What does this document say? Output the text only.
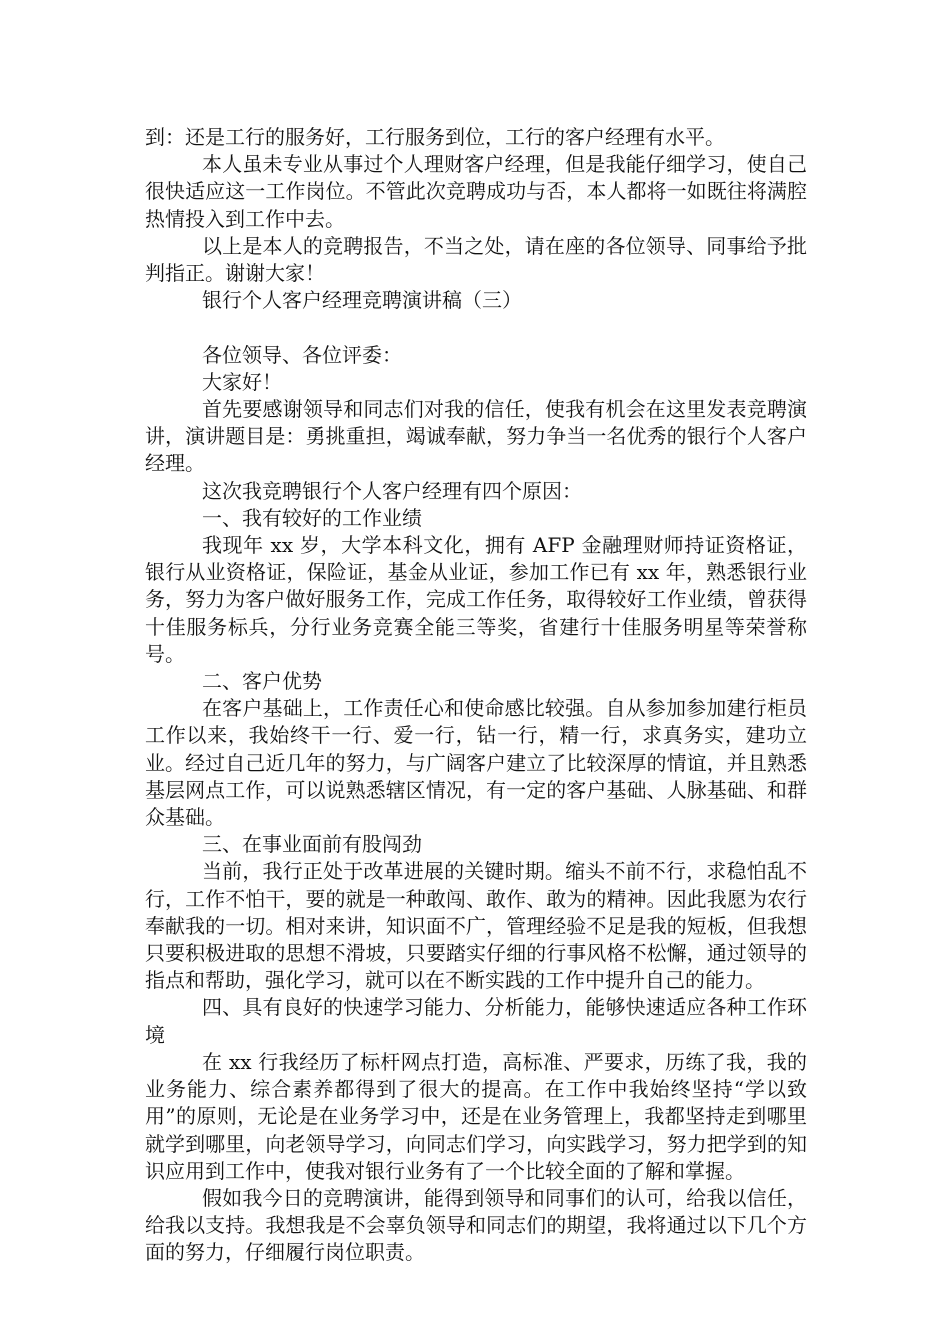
到：还是工行的服务好，工行服务到位，工行的客户经理有水平。

本人虽未专业从事过个人理财客户经理，但是我能仔细学习，使自己很快适应这一工作岗位。不管此次竞聘成功与否，本人都将一如既往将满腔热情投入到工作中去。

以上是本人的竞聘报告，不当之处，请在座的各位领导、同事给予批判指正。谢谢大家！

银行个人客户经理竞聘演讲稿（三）

各位领导、各位评委：

大家好！

首先要感谢领导和同志们对我的信任，使我有机会在这里发表竞聘演讲，演讲题目是：勇挑重担，竭诚奉献，努力争当一名优秀的银行个人客户经理。

这次我竞聘银行个人客户经理有四个原因：

一、我有较好的工作业绩

我现年 xx 岁，大学本科文化，拥有 AFP 金融理财师持证资格证，银行从业资格证，保险证，基金从业证，参加工作已有 xx 年，熟悉银行业务，努力为客户做好服务工作，完成工作任务，取得较好工作业绩，曾获得十佳服务标兵，分行业务竞赛全能三等奖，省建行十佳服务明星等荣誉称号。

二、客户优势

在客户基础上，工作责任心和使命感比较强。自从参加参加建行柜员工作以来，我始终干一行、爱一行，钻一行，精一行，求真务实，建功立业。经过自己近几年的努力，与广阔客户建立了比较深厚的情谊，并且熟悉基层网点工作，可以说熟悉辖区情况，有一定的客户基础、人脉基础、和群众基础。

三、在事业面前有股闯劲

当前，我行正处于改革进展的关键时期。缩头不前不行，求稳怕乱不行，工作不怕干，要的就是一种敢闯、敢作、敢为的精神。因此我愿为农行奉献我的一切。相对来讲，知识面不广，管理经验不足是我的短板，但我想只要积极进取的思想不滑坡，只要踏实仔细的行事风格不松懈，通过领导的指点和帮助，强化学习，就可以在不断实践的工作中提升自己的能力。

四、具有良好的快速学习能力、分析能力，能够快速适应各种工作环境

在 xx 行我经历了标杆网点打造，高标准、严要求，历练了我，我的业务能力、综合素养都得到了很大的提高。在工作中我始终坚持“学以致用”的原则，无论是在业务学习中，还是在业务管理上，我都坚持走到哪里就学到哪里，向老领导学习，向同志们学习，向实践学习，努力把学到的知识应用到工作中，使我对银行业务有了一个比较全面的了解和掌握。

假如我今日的竞聘演讲，能得到领导和同事们的认可，给我以信任，给我以支持。我想我是不会辜负领导和同志们的期望，我将通过以下几个方面的努力，仔细履行岗位职责。
